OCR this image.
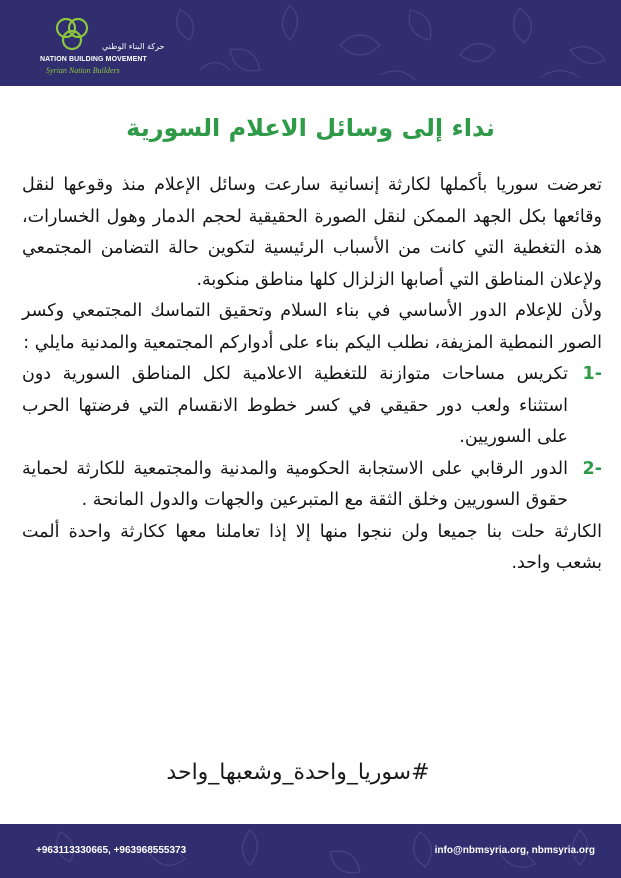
حركة البناء الوطني
NATION BUILDING MOVEMENT
Syrian Nation Builders
نداء إلى وسائل الاعلام السورية

تعرضت سوريا بأكملها لكارثة إنسانية سارعت وسائل الإعلام منذ وقوعها لنقل وقائعها بكل الجهد الممكن لنقل الصورة الحقيقية لحجم الدمار وهول الخسارات، هذه التغطية التي كانت من الأسباب الرئيسية لتكوين حالة التضامن المجتمعي ولإعلان المناطق التي أصابها الزلزال كلها مناطق منكوبة.

ولأن للإعلام الدور الأساسي في بناء السلام وتحقيق التماسك المجتمعي وكسر الصور النمطية المزيفة، نطلب اليكم بناء على أدواركم المجتمعية والمدنية مايلي :

-1
تكريس مساحات متوازنة للتغطية الاعلامية لكل المناطق السورية دون استثناء ولعب دور حقيقي في كسر خطوط الانقسام التي فرضتها الحرب على السوريين.
-2
الدور الرقابي على الاستجابة الحكومية والمدنية والمجتمعية للكارثة لحماية حقوق السوريين وخلق الثقة مع المتبرعين والجهات والدول المانحة .

الكارثة حلت بنا جميعا ولن ننجوا منها إلا إذا تعاملنا معها ككارثة واحدة ألمت بشعب واحد.

#سوريا_واحدة_وشعبها_واحد
+963113330665, +963968555373	info@nbmsyria.org, nbmsyria.org
